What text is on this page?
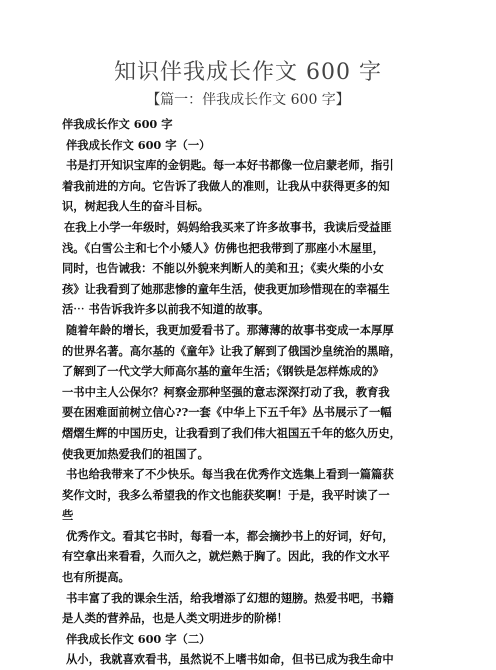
知识伴我成长作文 600 字
【篇一：伴我成长作文 600 字】
伴我成长作文 600 字
伴我成长作文 600 字（一）
书是打开知识宝库的金钥匙。每一本好书都像一位启蒙老师，指引
着我前进的方向。它告诉了我做人的准则，让我从中获得更多的知
识，树起我人生的奋斗目标。
在我上小学一年级时，妈妈给我买来了许多故事书，我读后受益匪
浅。《白雪公主和七个小矮人》仿佛也把我带到了那座小木屋里，
同时，也告诫我：不能以外貌来判断人的美和丑；《卖火柴的小女
孩》让我看到了她那悲惨的童年生活，使我更加珍惜现在的幸福生
活⋯ 书告诉我许多以前我不知道的故事。
随着年龄的增长，我更加爱看书了。那薄薄的故事书变成一本厚厚
的世界名著。高尔基的《童年》让我了解到了俄国沙皇统治的黑暗，
了解到了一代文学大师高尔基的童年生活；《钢铁是怎样炼成的》
一书中主人公保尔？柯察金那种坚强的意志深深打动了我，教育我
要在困难面前树立信心??一套《中华上下五千年》丛书展示了一幅
熠熠生辉的中国历史，让我看到了我们伟大祖国五千年的悠久历史，
使我更加热爱我们的祖国了。
书也给我带来了不少快乐。每当我在优秀作文选集上看到一篇篇获
奖作文时，我多么希望我的作文也能获奖啊！于是，我平时读了一
些
优秀作文。看其它书时，每看一本，都会摘抄书上的好词，好句，
有空拿出来看看，久而久之，就烂熟于胸了。因此，我的作文水平
也有所提高。
书丰富了我的课余生活，给我增添了幻想的翅膀。热爱书吧，书籍
是人类的营养品，也是人类文明进步的阶梯！
伴我成长作文 600 字（二）
从小，我就喜欢看书，虽然说不上嗜书如命，但书已成为我生命中
